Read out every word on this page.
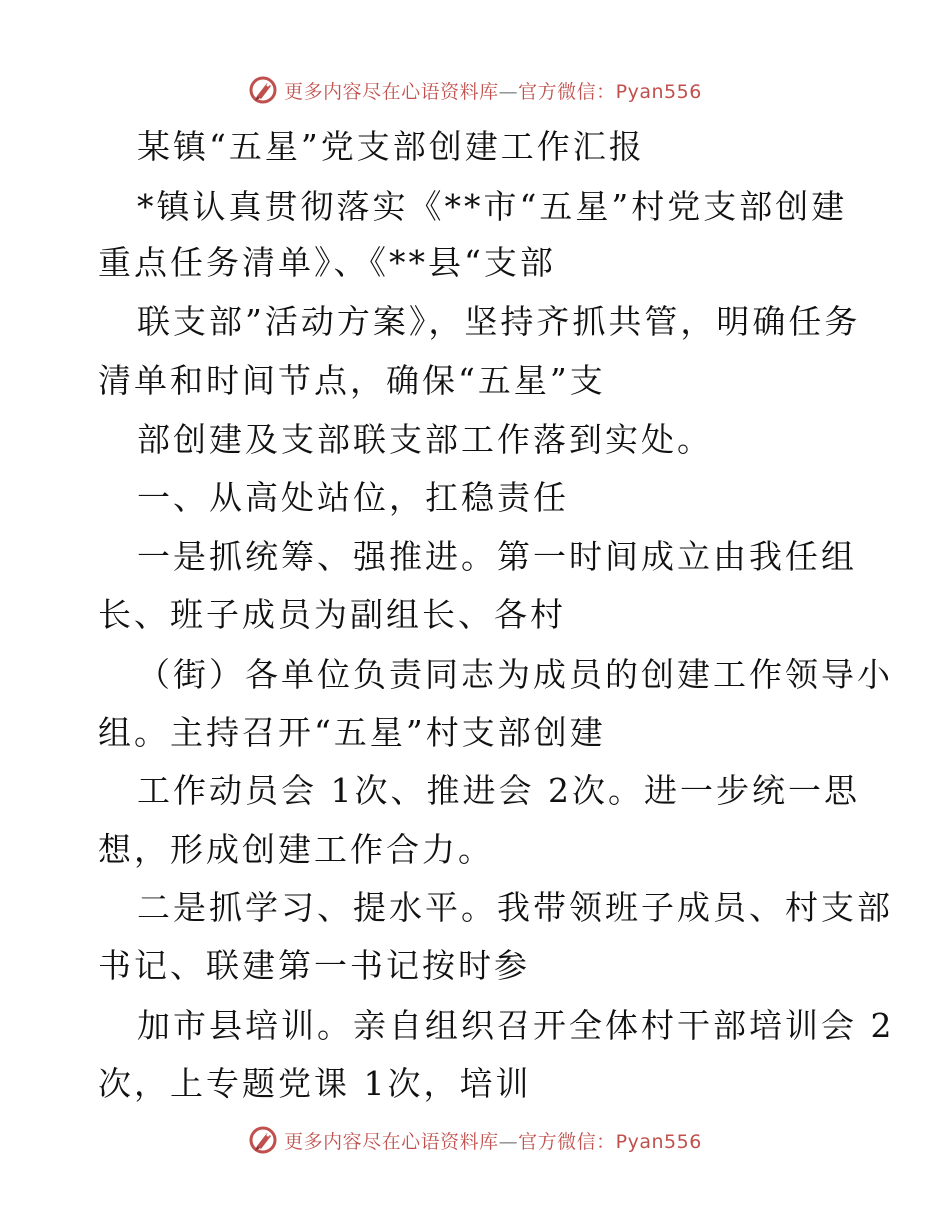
更多内容尽在心语资料库—官方微信：Pyan556
某镇“五星”党支部创建工作汇报
*镇认真贯彻落实《**市“五星”村党支部创建
重点任务清单》、《**县“支部
联支部”活动方案》，坚持齐抓共管，明确任务
清单和时间节点，确保“五星”支
部创建及支部联支部工作落到实处。
一、从高处站位，扛稳责任
一是抓统筹、强推进。第一时间成立由我任组
长、班子成员为副组长、各村
（街）各单位负责同志为成员的创建工作领导小
组。主持召开“五星”村支部创建
工作动员会 1次、推进会 2次。进一步统一思
想，形成创建工作合力。
二是抓学习、提水平。我带领班子成员、村支部
书记、联建第一书记按时参
加市县培训。亲自组织召开全体村干部培训会 2
次，上专题党课 1次，培训
更多内容尽在心语资料库—官方微信：Pyan556
